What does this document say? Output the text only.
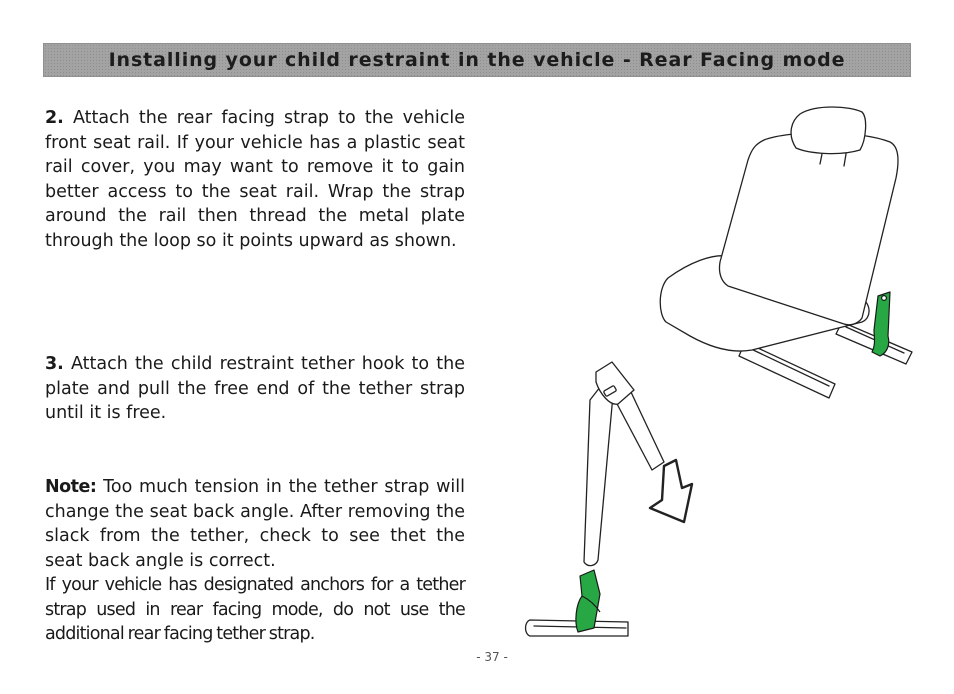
Installing your child restraint in the vehicle - Rear Facing mode

2. Attach the rear facing strap to the vehicle front seat rail. If your vehicle has a plastic seat rail cover, you may want to remove it to gain better access to the seat rail. Wrap the strap around the rail then thread the metal plate through the loop so it points upward as shown.

3. Attach the child restraint tether hook to the plate and pull the free end of the tether strap until it is free.

Note: Too much tension in the tether strap will change the seat back angle. After removing the slack from the tether, check to see thet the seat back angle is correct.

If your vehicle has designated anchors for a tether strap used in rear facing mode, do not use the additional rear facing tether strap.

- 37 -
